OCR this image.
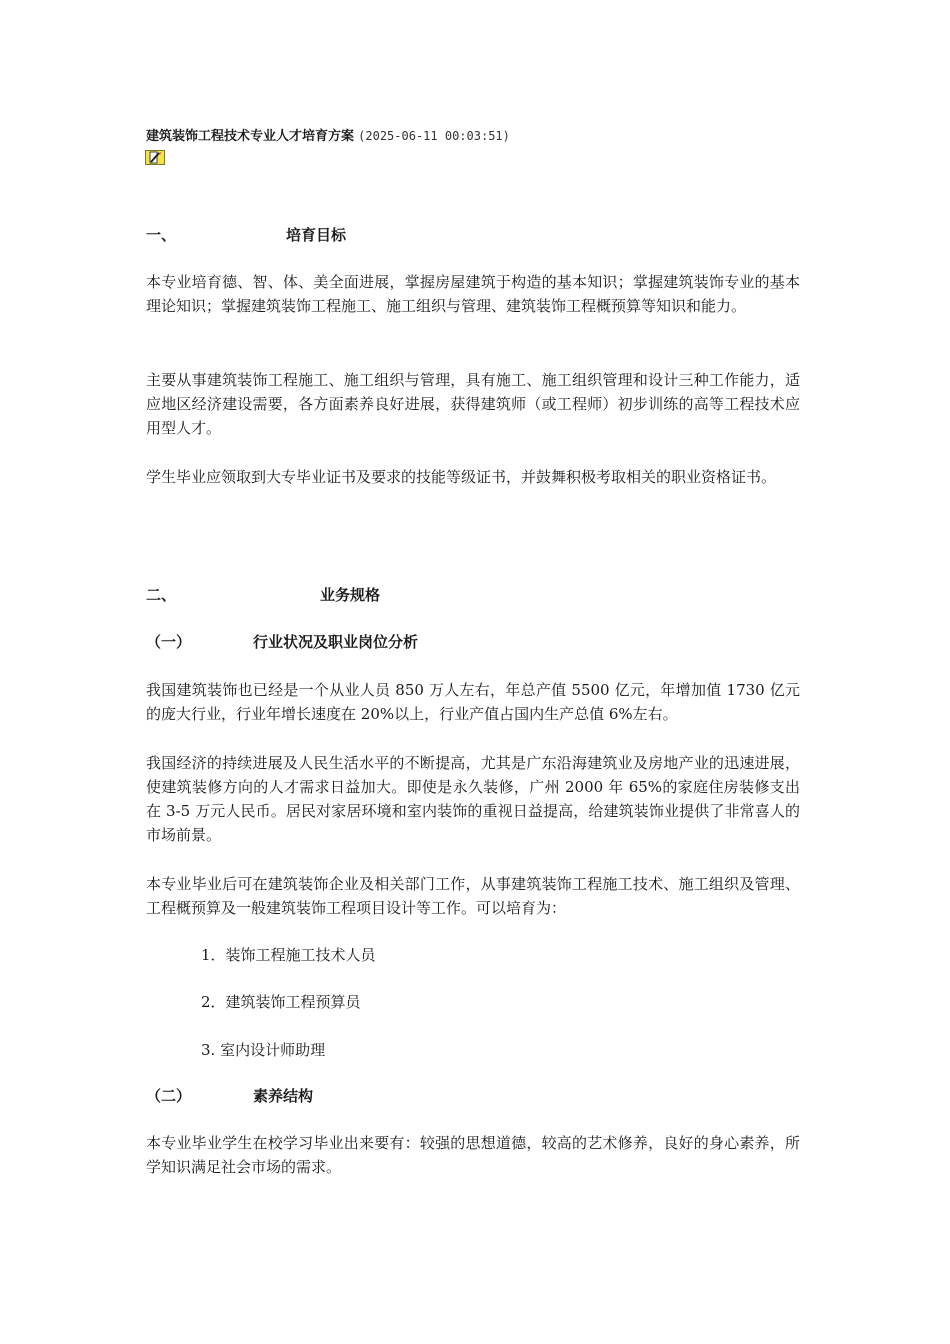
建筑装饰工程技术专业人才培育方案 (2025-06-11 00:03:51)
一、	培育目标

本专业培育德、智、体、美全面进展，掌握房屋建筑于构造的基本知识；掌握建筑装饰专业的基本理论知识；掌握建筑装饰工程施工、施工组织与管理、建筑装饰工程概预算等知识和能力。

主要从事建筑装饰工程施工、施工组织与管理，具有施工、施工组织管理和设计三种工作能力，适应地区经济建设需要，各方面素养良好进展，获得建筑师（或工程师）初步训练的高等工程技术应用型人才。

学生毕业应领取到大专毕业证书及要求的技能等级证书，并鼓舞积极考取相关的职业资格证书。

二、	业务规格
（一）	行业状况及职业岗位分析

我国建筑装饰也已经是一个从业人员 850 万人左右，年总产值 5500 亿元，年增加值 1730 亿元的庞大行业，行业年增长速度在 20%以上，行业产值占国内生产总值 6%左右。

我国经济的持续进展及人民生活水平的不断提高，尤其是广东沿海建筑业及房地产业的迅速进展，使建筑装修方向的人才需求日益加大。即使是永久装修，广州 2000 年 65%的家庭住房装修支出在 3-5 万元人民币。居民对家居环境和室内装饰的重视日益提高，给建筑装饰业提供了非常喜人的市场前景。

本专业毕业后可在建筑装饰企业及相关部门工作，从事建筑装饰工程施工技术、施工组织及管理、工程概预算及一般建筑装饰工程项目设计等工作。可以培育为：

1．装饰工程施工技术人员
2．建筑装饰工程预算员
3. 室内设计师助理
（二）	素养结构

本专业毕业学生在校学习毕业出来要有：较强的思想道德，较高的艺术修养，良好的身心素养，所学知识满足社会市场的需求。
